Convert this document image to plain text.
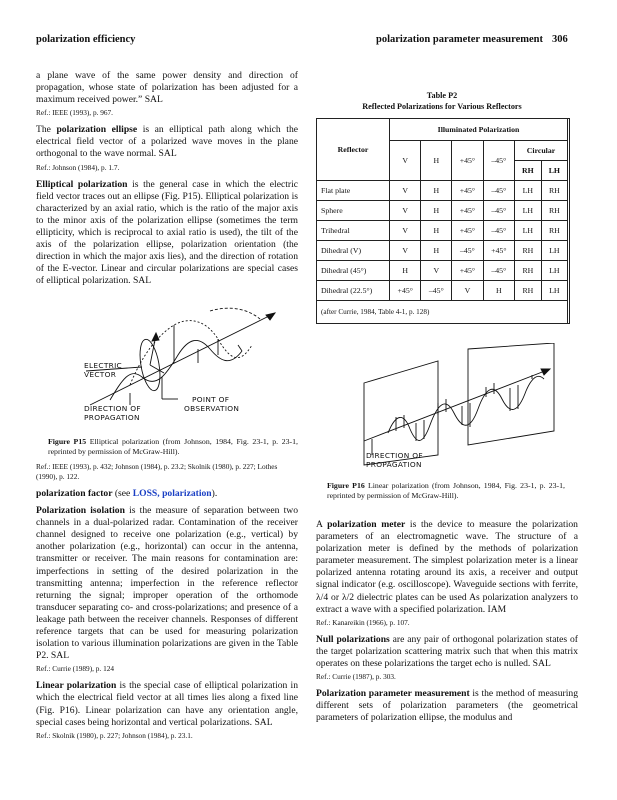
polarization efficiency	polarization parameter measurement 306

a plane wave of the same power density and direction of propagation, whose state of polarization has been adjusted for a maximum received power.” SAL

Ref.: IEEE (1993), p. 967.

The polarization ellipse is an elliptical path along which the electrical field vector of a polarized wave moves in the plane orthogonal to the wave normal. SAL

Ref.: Johnson (1984), p. 1.7.

Elliptical polarization is the general case in which the electric field vector traces out an ellipse (Fig. P15). Elliptical polarization is characterized by an axial ratio, which is the ratio of the major axis to the minor axis of the polarization ellipse (sometimes the term ellipticity, which is reciprocal to axial ratio is used), the tilt of the axis of the polarization ellipse, polarization orientation (the direction in which the major axis lies), and the direction of rotation of the E-vector. Linear and circular polarizations are special cases of elliptical polarization. SAL

ELECTRIC
VECTOR
POINT OF
OBSERVATION
DIRECTION OF
PROPAGATION
Figure P15 Elliptical polarization (from Johnson, 1984, Fig. 23-1, p. 23-1, reprinted by permission of McGraw-Hill).
Ref.: IEEE (1993), p. 432; Johnson (1984), p. 23.2; Skolnik (1980), p. 227; Lothes (1990), p. 122.

polarization factor (see LOSS, polarization).

Polarization isolation is the measure of separation between two channels in a dual-polarized radar. Contamination of the receiver channel designed to receive one polarization (e.g., vertical) by another polarization (e.g., horizontal) can occur in the antenna, transmitter or receiver. The main reasons for contamination are: imperfections in setting of the desired polarization in the transmitting antenna; imperfection in the reference reflector returning the signal; improper operation of the orthomode transducer separating co- and cross-polarizations; and presence of a leakage path between the receiver channels. Responses of different reference targets that can be used for measuring polarization isolation to various illumination polarizations are given in the Table P2. SAL

Ref.: Currie (1989), p. 124

Linear polarization is the special case of elliptical polarization in which the electrical field vector at all times lies along a fixed line (Fig. P16). Linear polarization can have any orientation angle, special cases being horizontal and vertical polarizations. SAL

Ref.: Skolnik (1980), p. 227; Johnson (1984), p. 23.1.

Table P2
Reflected Polarizations for Various Reflectors
Reflector	Illuminated Polarization					
	V	H	+45°	–45°	Circular	
					RH	LH
Flat plate	V	H	+45°	–45°	LH	RH
Sphere	V	H	+45°	–45°	LH	RH
Trihedral	V	H	+45°	–45°	LH	RH
Dihedral (V)	V	H	–45°	+45°	RH	LH
Dihedral (45°)	H	V	+45°	–45°	RH	LH
Dihedral (22.5°)	+45°	–45°	V	H	RH	LH
(after Currie, 1984, Table 4-1, p. 128)						
DIRECTION OF
PROPAGATION
Figure P16 Linear polarization (from Johnson, 1984, Fig. 23-1, p. 23-1, reprinted by permission of McGraw-Hill).

A polarization meter is the device to measure the polarization parameters of an electromagnetic wave. The structure of a polarization meter is defined by the methods of polarization parameter measurement. The simplest polarization meter is a linear polarized antenna rotating around its axis, a receiver and output signal indicator (e.g. oscilloscope). Waveguide sections with ferrite, λ/4 or λ/2 dielectric plates can be used As polarization analyzers to extract a wave with a specified polarization. IAM

Ref.: Kanareikin (1966), p. 107.

Null polarizations are any pair of orthogonal polarization states of the target polarization scattering matrix such that when this matrix operates on these polarizations the target echo is nulled. SAL

Ref.: Currie (1987), p. 303.

Polarization parameter measurement is the method of measuring different sets of polarization parameters (the geometrical parameters of polarization ellipse, the modulus and
